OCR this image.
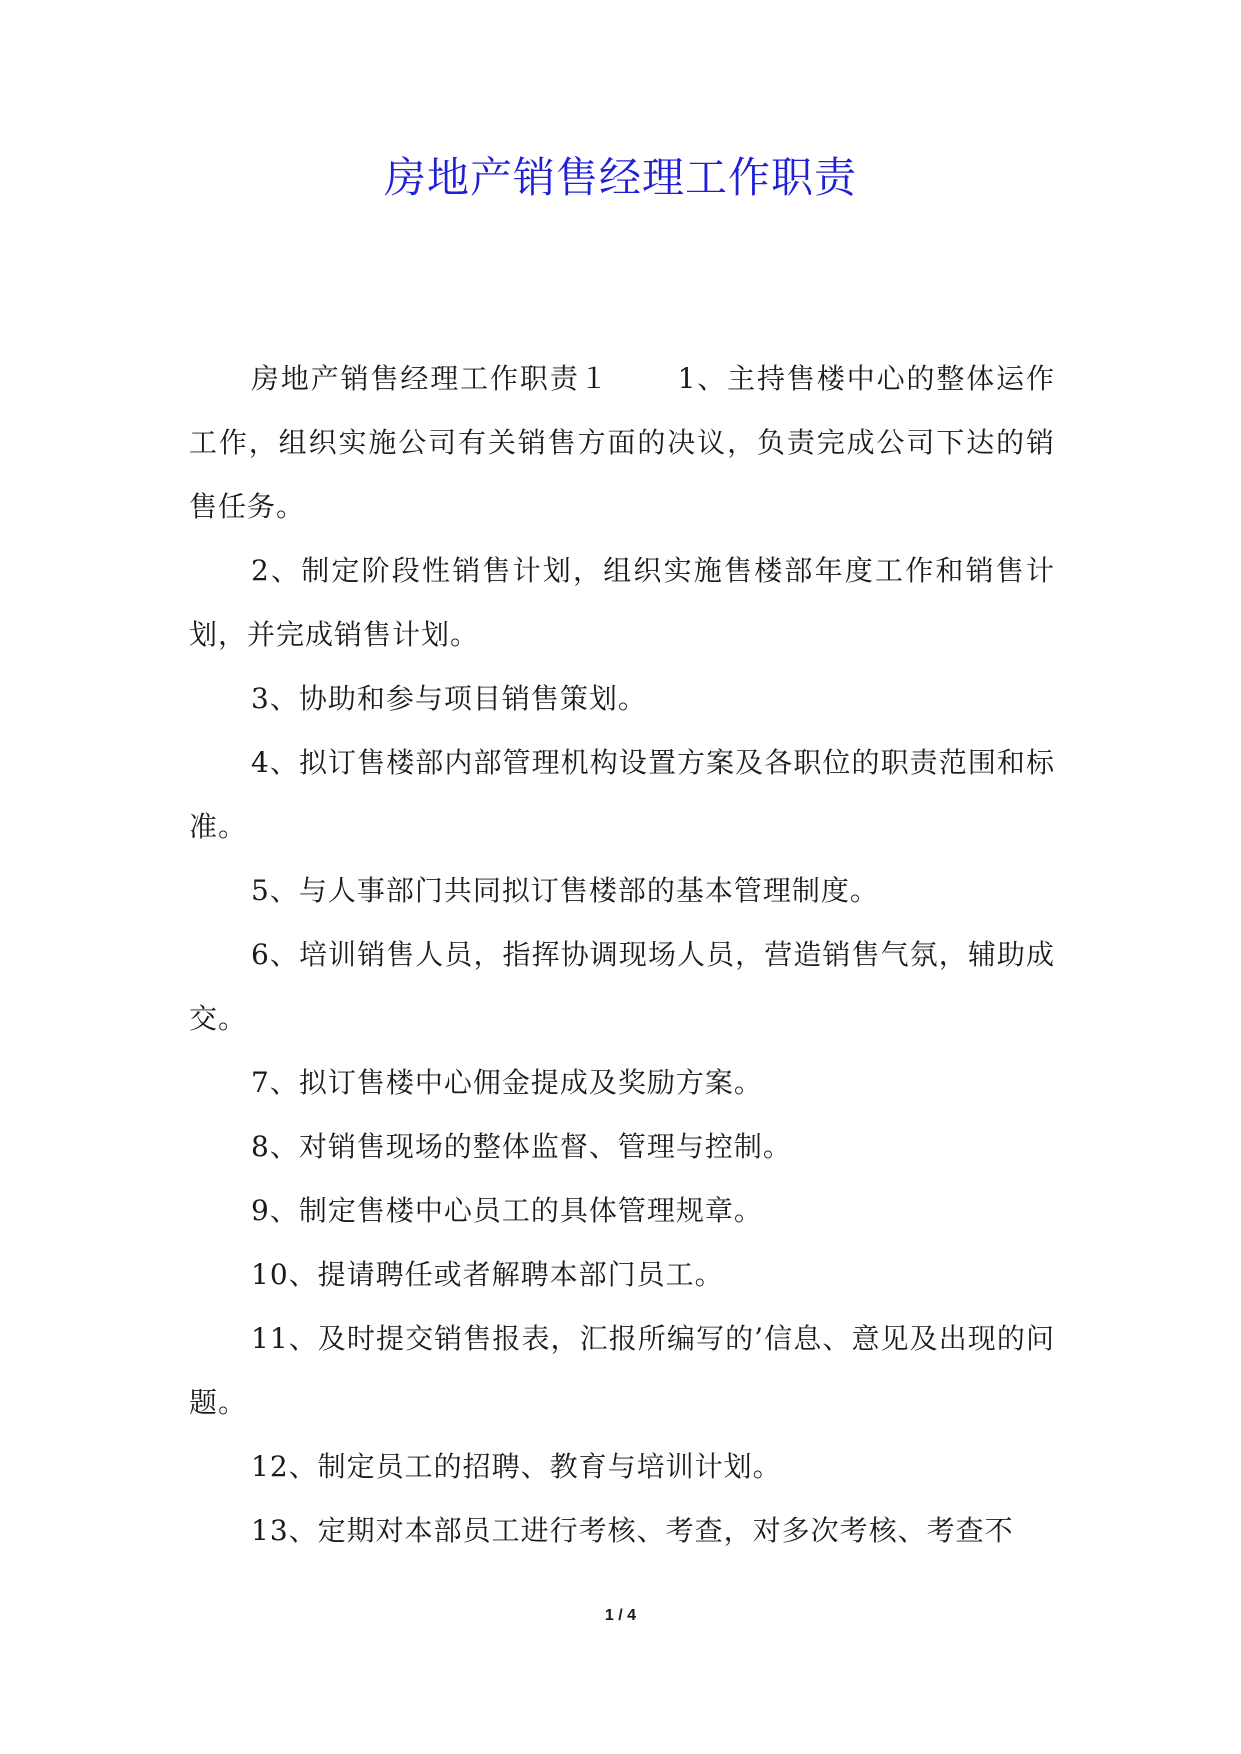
房地产销售经理工作职责

房地产销售经理工作职责１ 1、主持售楼中心的整体运作工作，组织实施公司有关销售方面的决议，负责完成公司下达的销售任务。

2、制定阶段性销售计划，组织实施售楼部年度工作和销售计划，并完成销售计划。

3、协助和参与项目销售策划。

4、拟订售楼部内部管理机构设置方案及各职位的职责范围和标准。

5、与人事部门共同拟订售楼部的基本管理制度。

6、培训销售人员，指挥协调现场人员，营造销售气氛，辅助成交。

7、拟订售楼中心佣金提成及奖励方案。

8、对销售现场的整体监督、管理与控制。

9、制定售楼中心员工的具体管理规章。

10、提请聘任或者解聘本部门员工。

11、及时提交销售报表，汇报所编写的’信息、意见及出现的问题。

12、制定员工的招聘、教育与培训计划。

13、定期对本部员工进行考核、考查，对多次考核、考查不

1 / 4
